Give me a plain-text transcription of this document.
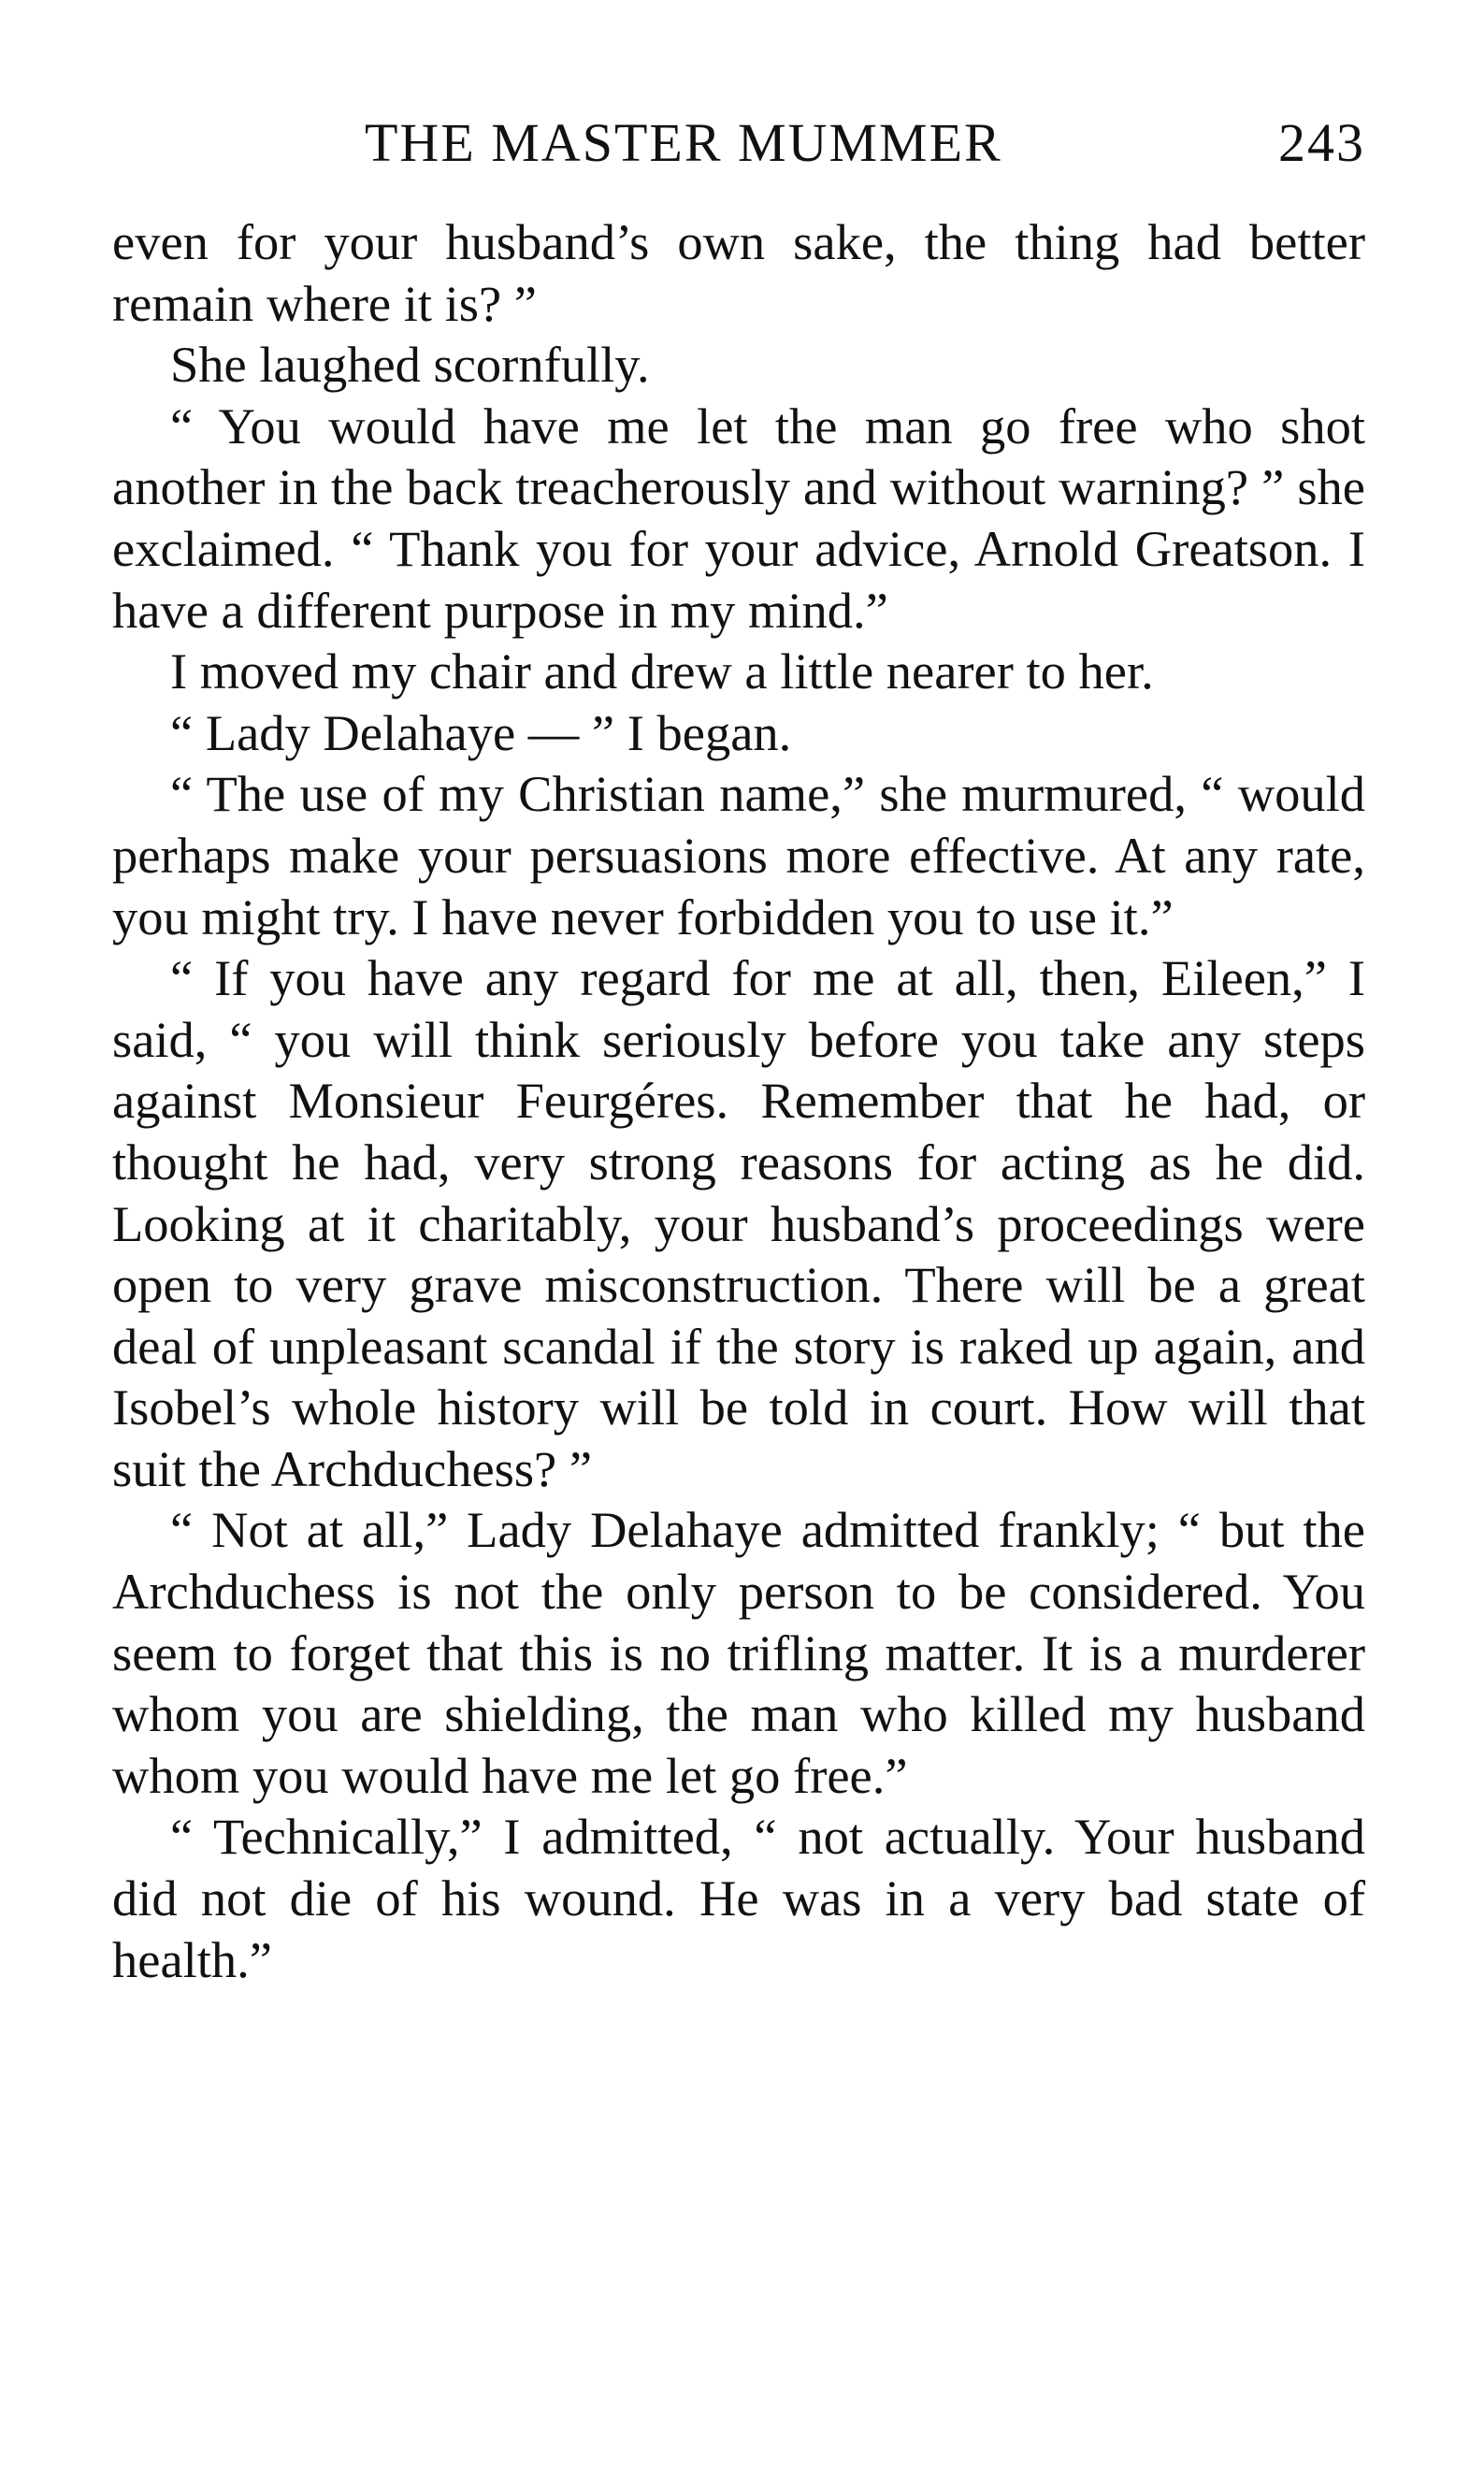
THE MASTER MUMMER	243

even for your husband’s own sake, the thing had better remain where it is? ”

She laughed scornfully.

“ You would have me let the man go free who shot another in the back treacherously and without warning? ” she exclaimed. “ Thank you for your advice, Arnold Greatson. I have a different purpose in my mind.”

I moved my chair and drew a little nearer to her.

“ Lady Delahaye — ” I began.

“ The use of my Christian name,” she murmured, “ would perhaps make your persuasions more effective. At any rate, you might try. I have never forbidden you to use it.”

“ If you have any regard for me at all, then, Eileen,” I said, “ you will think seriously before you take any steps against Monsieur Feurgéres. Remember that he had, or thought he had, very strong reasons for acting as he did. Looking at it charitably, your husband’s proceedings were open to very grave misconstruction. There will be a great deal of unpleasant scandal if the story is raked up again, and Isobel’s whole history will be told in court. How will that suit the Archduchess? ”

“ Not at all,” Lady Delahaye admitted frankly; “ but the Archduchess is not the only person to be considered. You seem to forget that this is no trifling matter. It is a murderer whom you are shielding, the man who killed my husband whom you would have me let go free.”

“ Technically,” I admitted, “ not actually. Your husband did not die of his wound. He was in a very bad state of health.”
